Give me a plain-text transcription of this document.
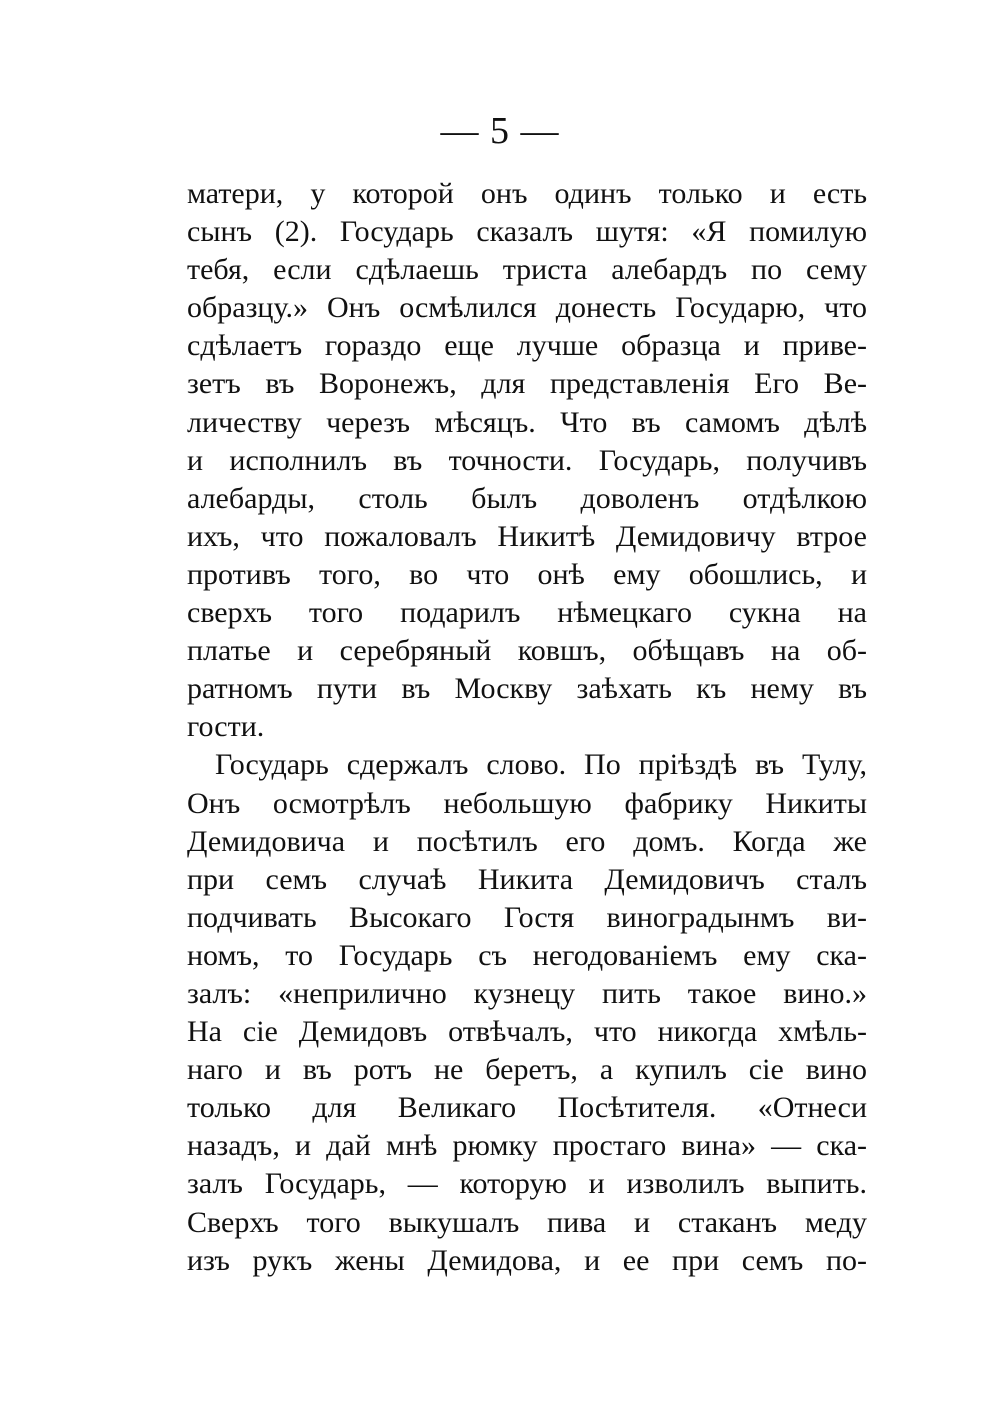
— 5 —
матери, у которой онъ одинъ только и есть
сынъ (2). Государь сказалъ шутя: «Я помилую
тебя, если сдѣлаешь триста алебардъ по сему
образцу.» Онъ осмѣлился донесть Государю, что
сдѣлаетъ гораздо еще лучше образца и приве-
зетъ въ Воронежъ, для представленія Его Ве-
личеству черезъ мѣсяцъ. Что въ самомъ дѣлѣ
и исполнилъ въ точности. Государь, получивъ
алебарды, столь былъ доволенъ отдѣлкою
ихъ, что пожаловалъ Никитѣ Демидовичу втрое
противъ того, во что онѣ ему обошлись, и
сверхъ того подарилъ нѣмецкаго сукна на
платье и серебряный ковшъ, обѣщавъ на об-
ратномъ пути въ Москву заѣхать къ нему въ
гости.
Государь сдержалъ слово. По пріѣздѣ въ Тулу,
Онъ осмотрѣлъ небольшую фабрику Никиты
Демидовича и посѣтилъ его домъ. Когда же
при семъ случаѣ Никита Демидовичъ сталъ
подчивать Высокаго Гостя виноградынмъ ви-
номъ, то Государь съ негодованіемъ ему ска-
залъ: «неприлично кузнецу пить такое вино.»
На сіе Демидовъ отвѣчалъ, что никогда хмѣль-
наго и въ ротъ не беретъ, а купилъ сіе вино
только для Великаго Посѣтителя. «Отнеси
назадъ, и дай мнѣ рюмку простаго вина» — ска-
залъ Государь, — которую и изволилъ выпить.
Сверхъ того выкушалъ пива и стаканъ меду
изъ рукъ жены Демидова, и ее при семъ по-
